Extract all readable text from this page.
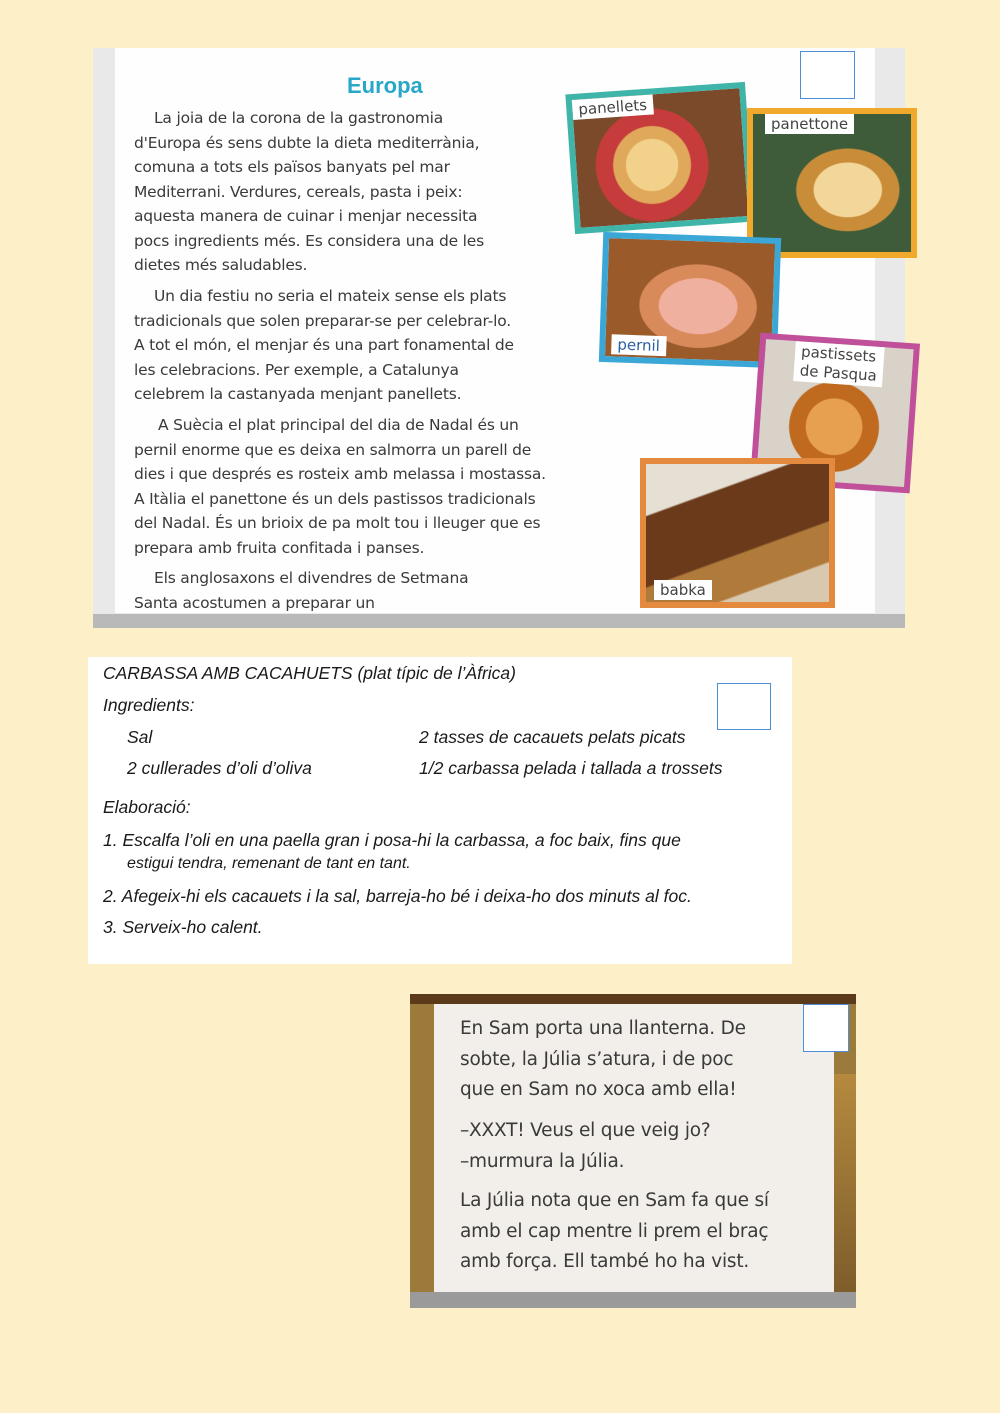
Europa

La joia de la corona de la gastronomia
d'Europa és sens dubte la dieta mediterrània,
comuna a tots els països banyats pel mar
Mediterrani. Verdures, cereals, pasta i peix:
aquesta manera de cuinar i menjar necessita
pocs ingredients més. Es considera una de les
dietes més saludables.

Un dia festiu no seria el mateix sense els plats
tradicionals que solen preparar-se per celebrar-lo.
A tot el món, el menjar és una part fonamental de
les celebracions. Per exemple, a Catalunya
celebrem la castanyada menjant panellets.

A Suècia el plat principal del dia de Nadal és un
pernil enorme que es deixa en salmorra un parell de
dies i que després es rosteix amb melassa i mostassa.
A Itàlia el panettone és un dels pastissos tradicionals
del Nadal. És un brioix de pa molt tou i lleuger que es
prepara amb fruita confitada i panses.

Els anglosaxons el divendres de Setmana
Santa acostumen a preparar un

panellets
panettone
pernil	pastissets
de Pasqua
babka

CARBASSA AMB CACAHUETS (plat típic de l’Àfrica)

Ingredients:

Sal	2 tasses de cacauets pelats picats

2 cullerades d’oli d’oliva	1/2 carbassa pelada i tallada a trossets

Elaboració:

1. Escalfa l’oli en una paella gran i posa-hi la carbassa, a foc baix, fins que

estigui tendra, remenant de tant en tant.

2. Afegeix-hi els cacauets i la sal, barreja-ho bé i deixa-ho dos minuts al foc.

3. Serveix-ho calent.

En Sam porta una llanterna. De
sobte, la Júlia s’atura, i de poc
que en Sam no xoca amb ella!

–XXXT! Veus el que veig jo?
–murmura la Júlia.

La Júlia nota que en Sam fa que sí
amb el cap mentre li prem el braç
amb força. Ell també ho ha vist.
